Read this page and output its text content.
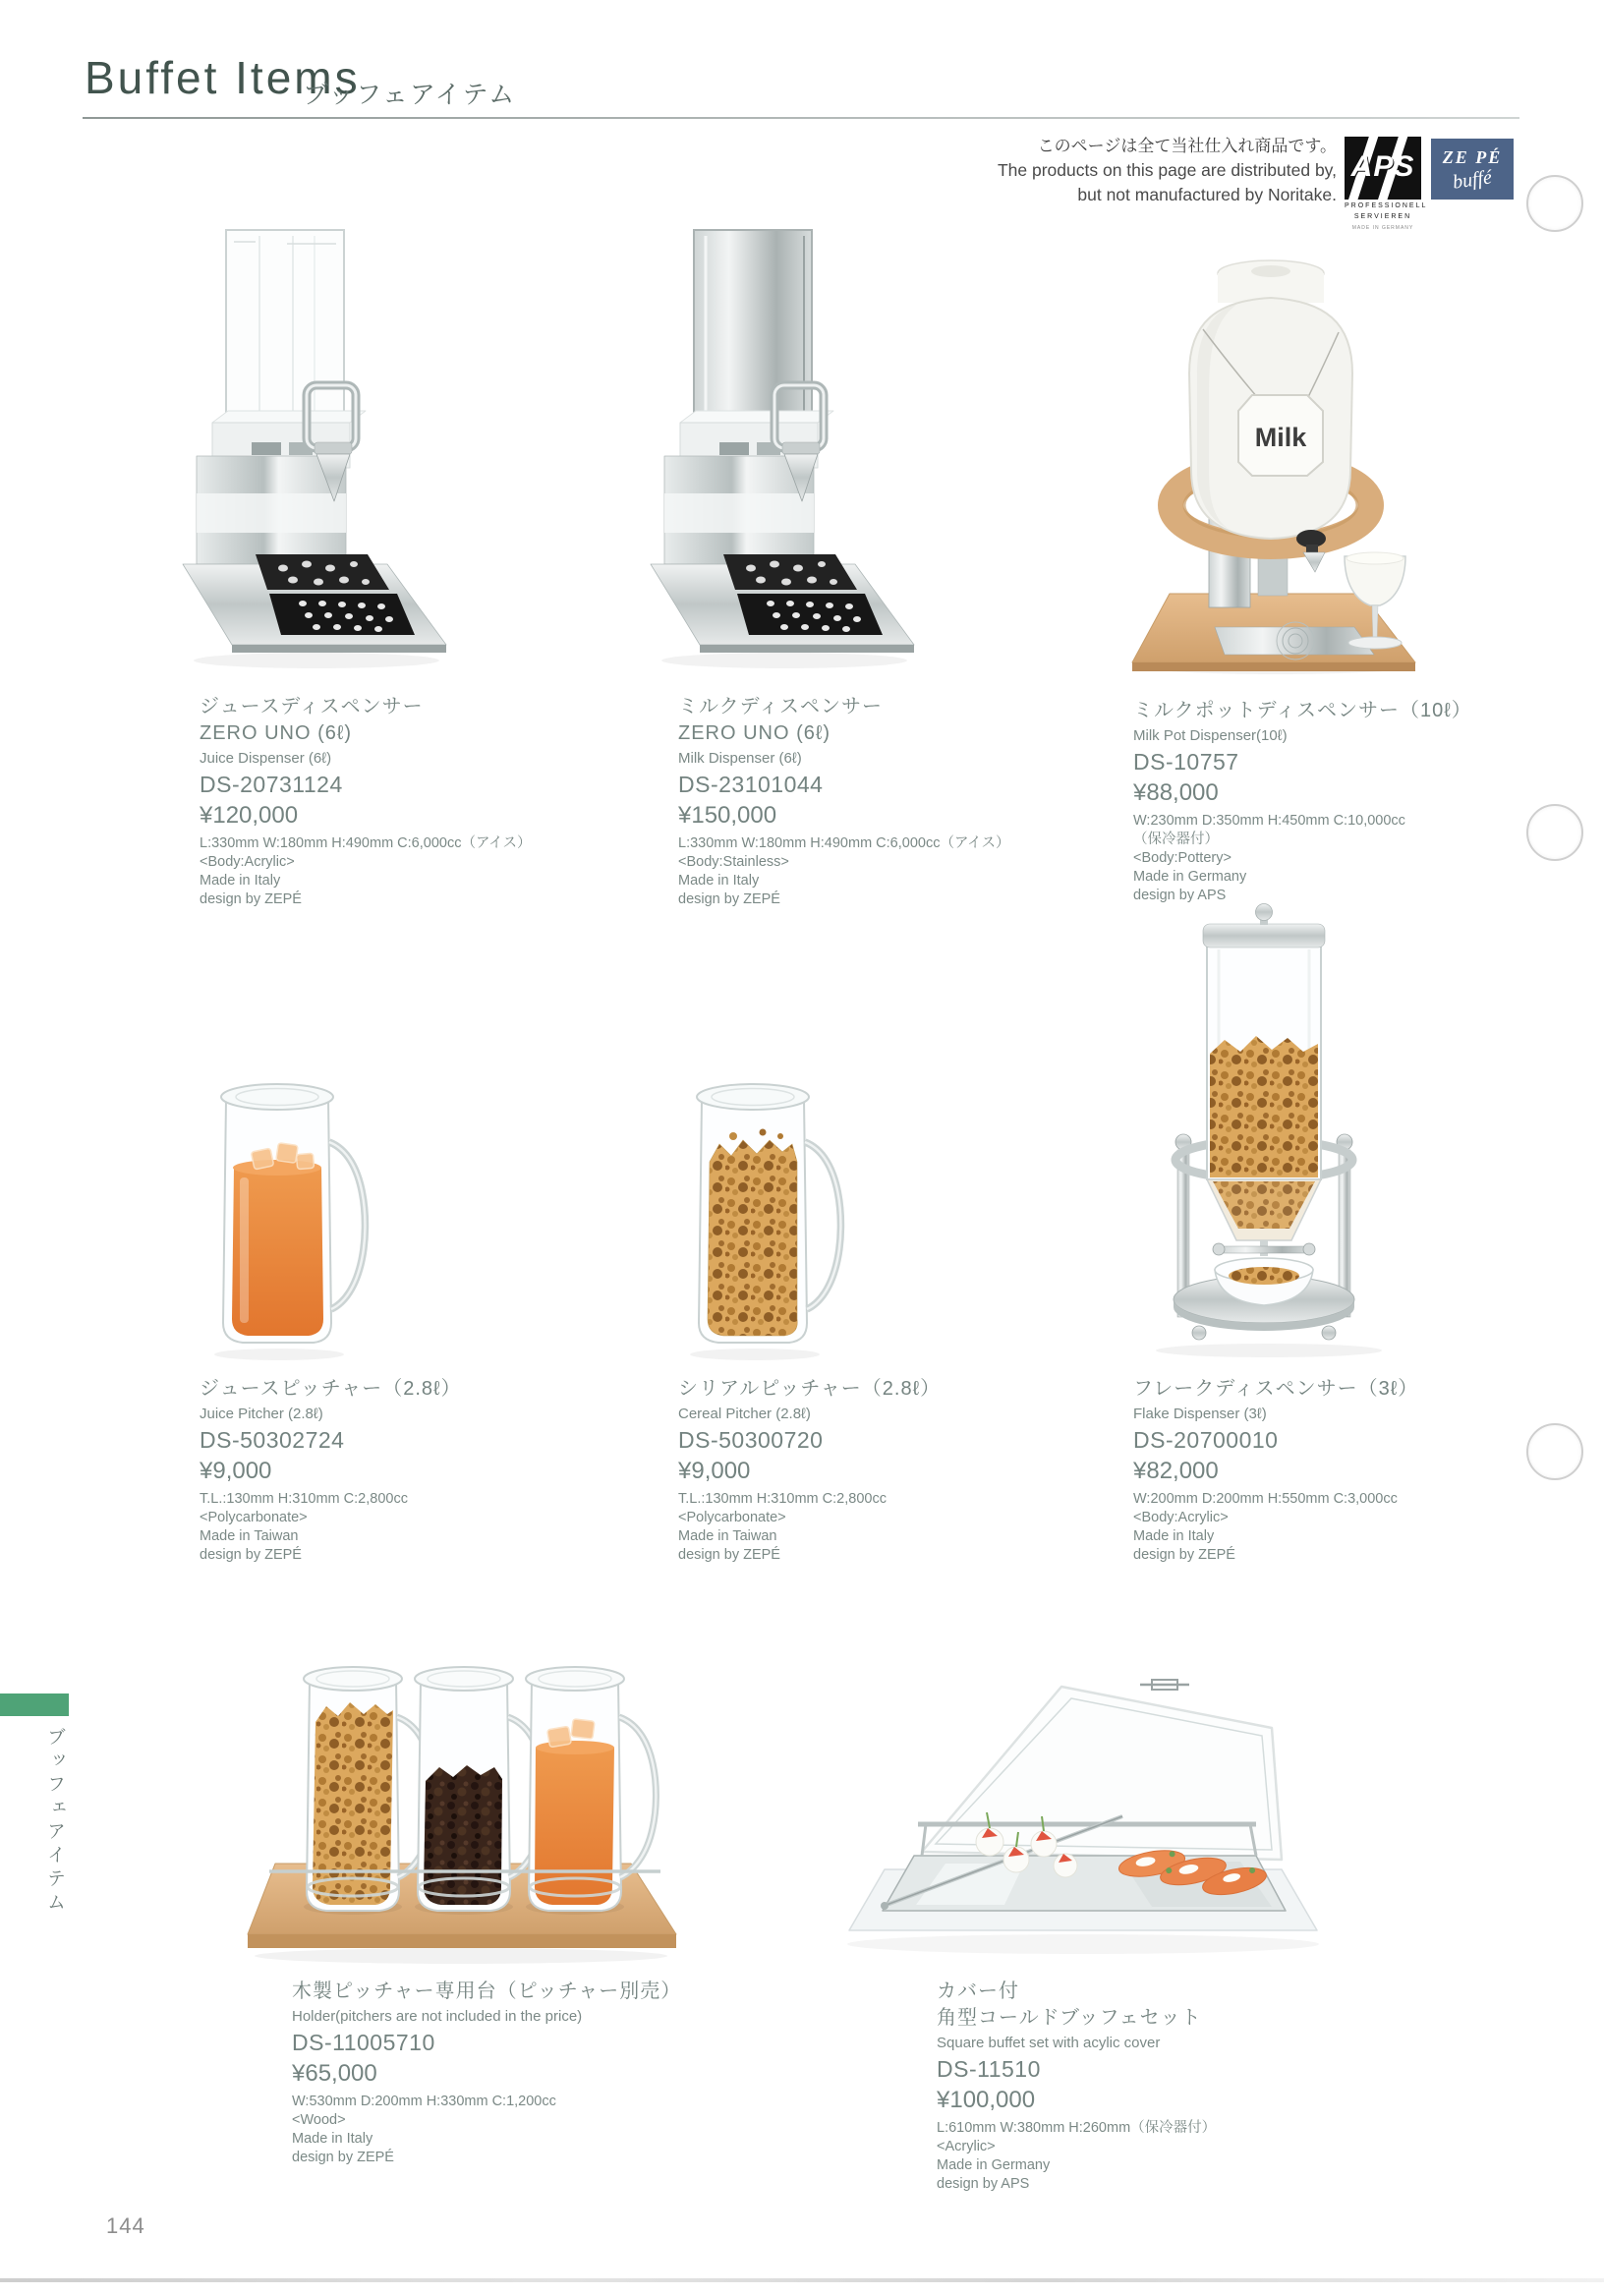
Buffet Items
ブッフェアイテム
このページは全て当社仕入れ商品です。
The products on this page are distributed by,
but not manufactured by Noritake.
APS
PROFESSIONELL
SERVIEREN
MADE IN GERMANY
ZE PÉ
buffé
Milk
ジュースディスペンサー
ZERO UNO (6ℓ)
Juice Dispenser (6ℓ)
DS-20731124
¥120,000
L:330mm W:180mm H:490mm C:6,000cc（アイス）
<Body:Acrylic>
Made in Italy
design by ZEPÉ
ミルクディスペンサー
ZERO UNO (6ℓ)
Milk Dispenser (6ℓ)
DS-23101044
¥150,000
L:330mm W:180mm H:490mm C:6,000cc（アイス）
<Body:Stainless>
Made in Italy
design by ZEPÉ
ミルクポットディスペンサー（10ℓ）
Milk Pot Dispenser(10ℓ)
DS-10757
¥88,000
W:230mm D:350mm H:450mm C:10,000cc
（保冷器付）
<Body:Pottery>
Made in Germany
design by APS
ジュースピッチャー（2.8ℓ）
Juice Pitcher (2.8ℓ)
DS-50302724
¥9,000
T.L.:130mm H:310mm C:2,800cc
<Polycarbonate>
Made in Taiwan
design by ZEPÉ
シリアルピッチャー（2.8ℓ）
Cereal Pitcher (2.8ℓ)
DS-50300720
¥9,000
T.L.:130mm H:310mm C:2,800cc
<Polycarbonate>
Made in Taiwan
design by ZEPÉ
フレークディスペンサー（3ℓ）
Flake Dispenser (3ℓ)
DS-20700010
¥82,000
W:200mm D:200mm H:550mm C:3,000cc
<Body:Acrylic>
Made in Italy
design by ZEPÉ
木製ピッチャー専用台（ピッチャー別売）
Holder(pitchers are not included in the price)
DS-11005710
¥65,000
W:530mm D:200mm H:330mm C:1,200cc
<Wood>
Made in Italy
design by ZEPÉ
カバー付
角型コールドブッフェセット
Square buffet set with acylic cover
DS-11510
¥100,000
L:610mm W:380mm H:260mm（保冷器付）
<Acrylic>
Made in Germany
design by APS
ブッフェアイテム
144
